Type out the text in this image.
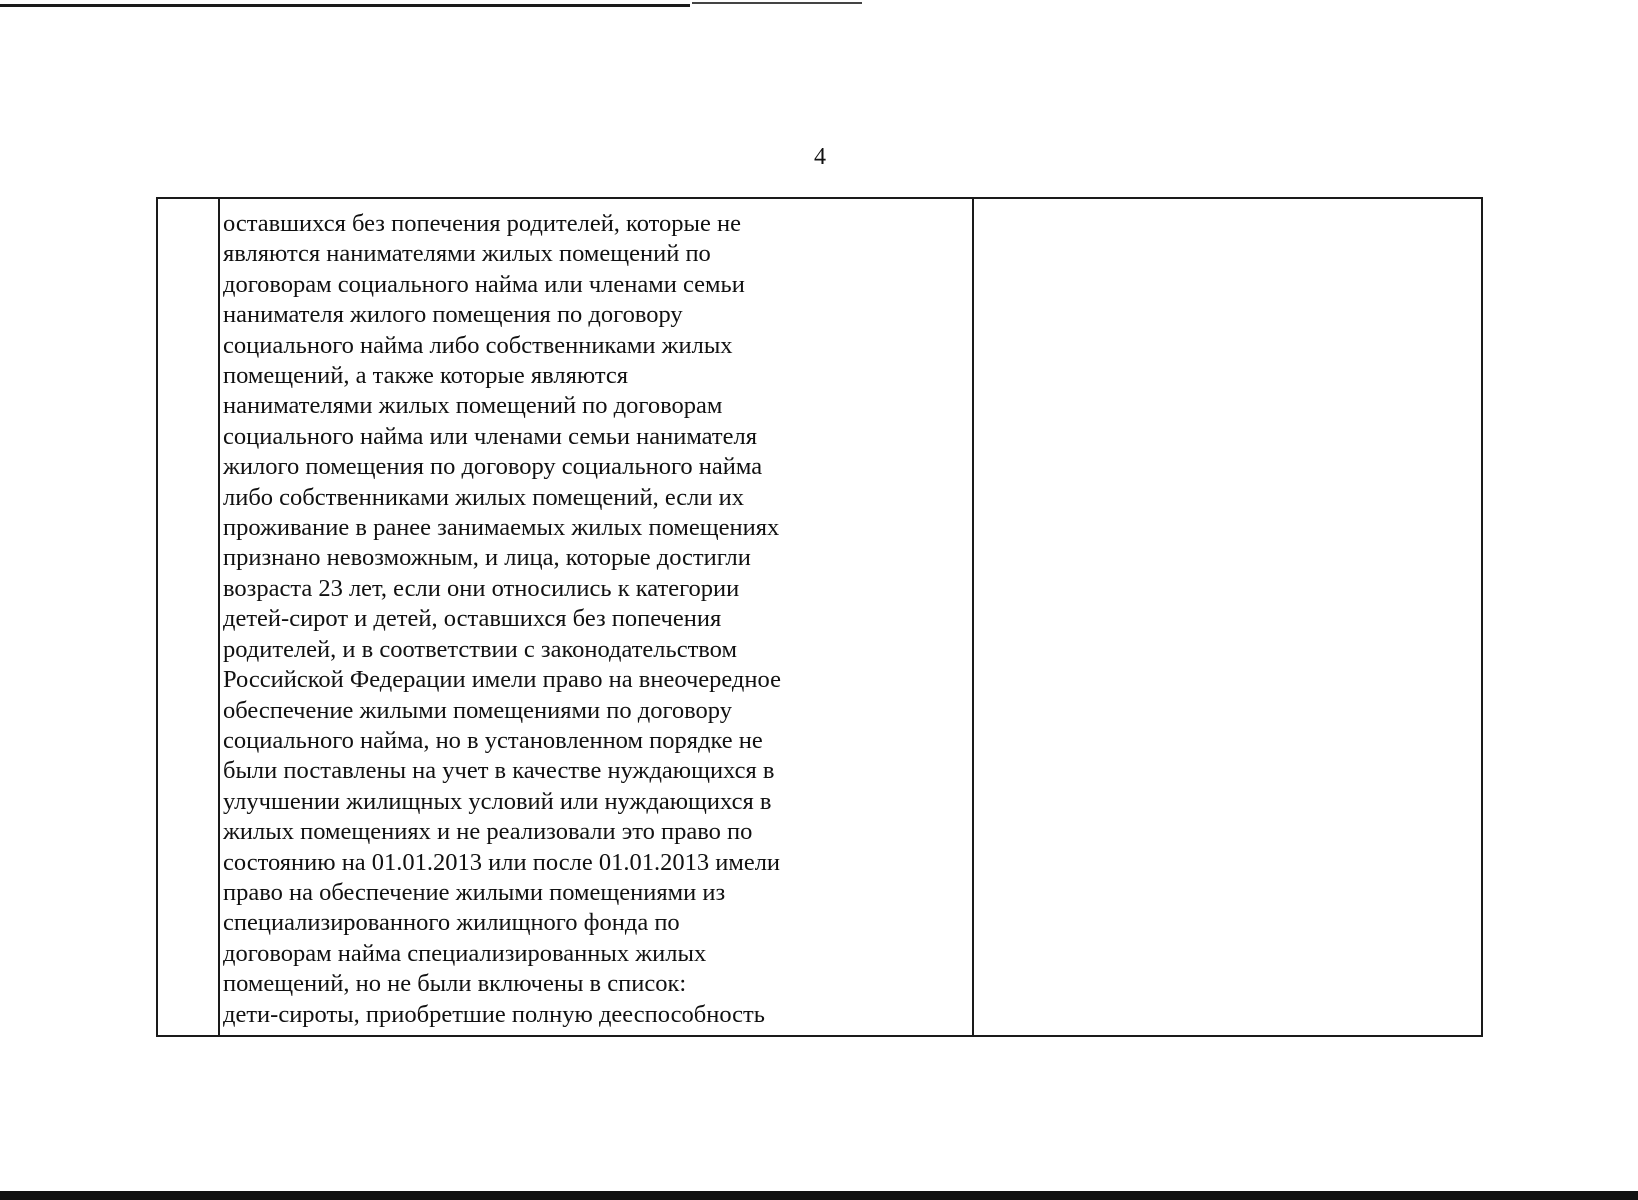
4
оставшихся без попечения родителей, которые не
являются нанимателями жилых помещений по
договорам социального найма или членами семьи
нанимателя жилого помещения по договору
социального найма либо собственниками жилых
помещений, а также которые являются
нанимателями жилых помещений по договорам
социального найма или членами семьи нанимателя
жилого помещения по договору социального найма
либо собственниками жилых помещений, если их
проживание в ранее занимаемых жилых помещениях
признано невозможным, и лица, которые достигли
возраста 23 лет, если они относились к категории
детей-сирот и детей, оставшихся без попечения
родителей, и в соответствии с законодательством
Российской Федерации имели право на внеочередное
обеспечение жилыми помещениями по договору
социального найма, но в установленном порядке не
были поставлены на учет в качестве нуждающихся в
улучшении жилищных условий или нуждающихся в
жилых помещениях и не реализовали это право по
состоянию на 01.01.2013 или после 01.01.2013 имели
право на обеспечение жилыми помещениями из
специализированного жилищного фонда по
договорам найма специализированных жилых
помещений, но не были включены в список:
дети-сироты, приобретшие полную дееспособность
